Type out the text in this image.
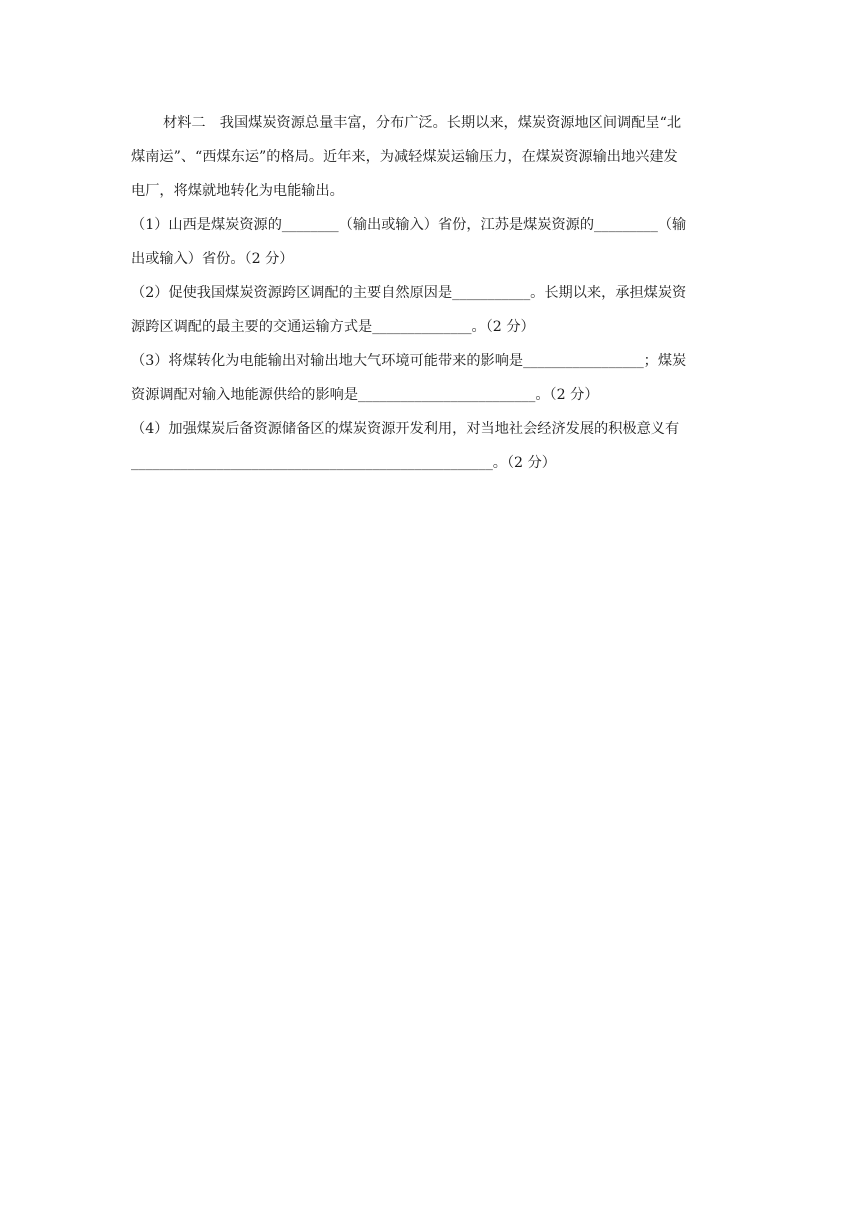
材料二　我国煤炭资源总量丰富，分布广泛。长期以来，煤炭资源地区间调配呈“北
煤南运”、“西煤东运”的格局。近年来，为减轻煤炭运输压力，在煤炭资源输出地兴建发
电厂，将煤就地转化为电能输出。
（1）山西是煤炭资源的________（输出或输入）省份，江苏是煤炭资源的_________（输
出或输入）省份。（2 分）
（2）促使我国煤炭资源跨区调配的主要自然原因是___________。长期以来，承担煤炭资
源跨区调配的最主要的交通运输方式是______________。（2 分）
（3）将煤转化为电能输出对输出地大气环境可能带来的影响是_________________；煤炭
资源调配对输入地能源供给的影响是_________________________。（2 分）
（4）加强煤炭后备资源储备区的煤炭资源开发利用，对当地社会经济发展的积极意义有
___________________________________________________。（2 分）
